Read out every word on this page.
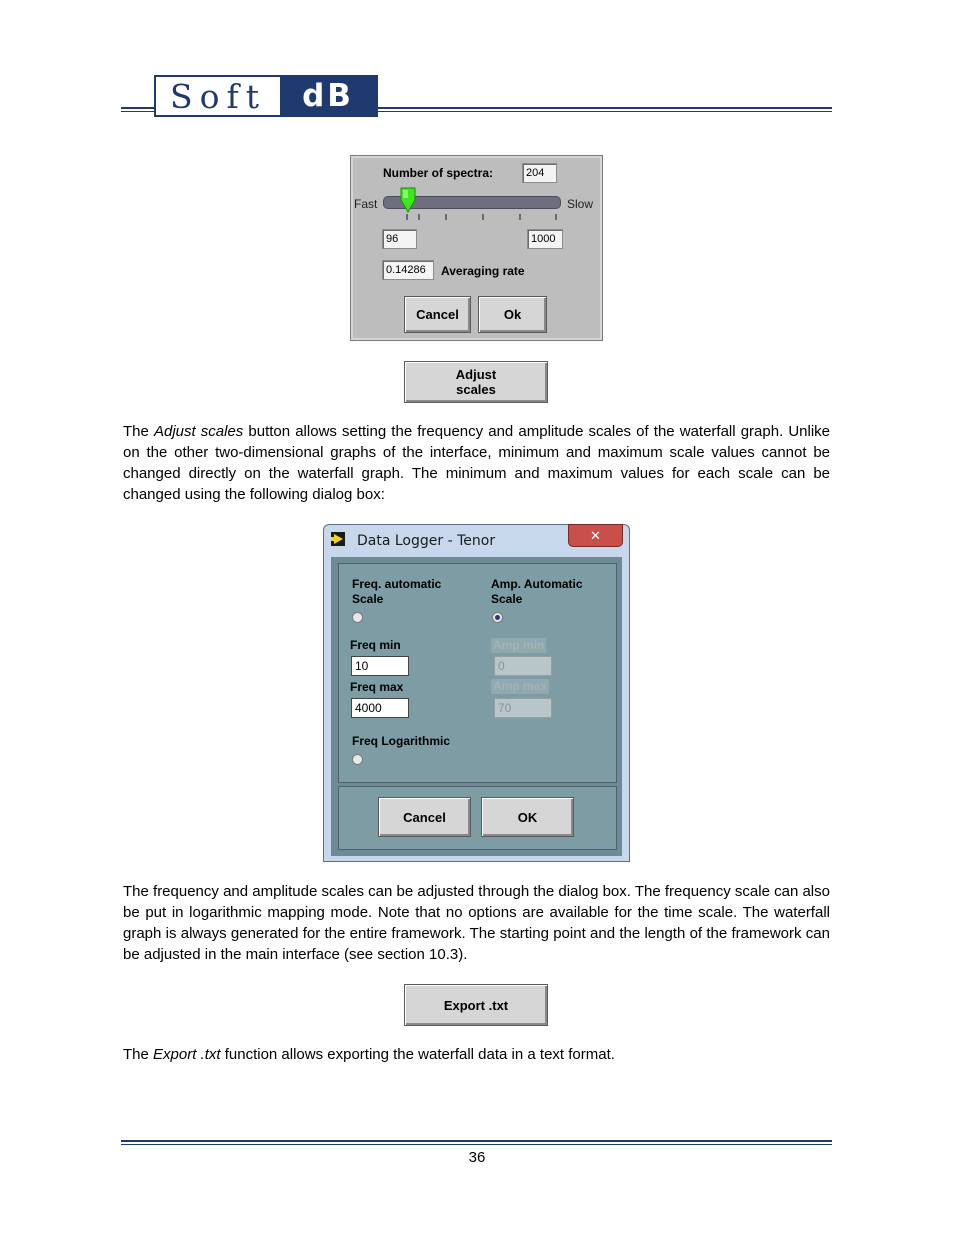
Soft	dB
Number of spectra:	204
Fast	Slow
96	1000
0.14286	Averaging rate
Cancel	Ok
Adjust
scales
The Adjust scales button allows setting the frequency and amplitude scales of the waterfall graph. Unlike on the other two-dimensional graphs of the interface, minimum and maximum scale values cannot be changed directly on the waterfall graph. The minimum and maximum values for each scale can be changed using the following dialog box:
Data Logger - Tenor	✕
Freq. automatic
Scale
Amp. Automatic
Scale
Freq min
10
Freq max
4000
Amp min
0
Amp max
70
Freq Logarithmic
Cancel	OK
The frequency and amplitude scales can be adjusted through the dialog box. The frequency scale can also be put in logarithmic mapping mode. Note that no options are available for the time scale. The waterfall graph is always generated for the entire framework. The starting point and the length of the framework can be adjusted in the main interface (see section 10.3).
Export .txt
The Export .txt function allows exporting the waterfall data in a text format.
36
